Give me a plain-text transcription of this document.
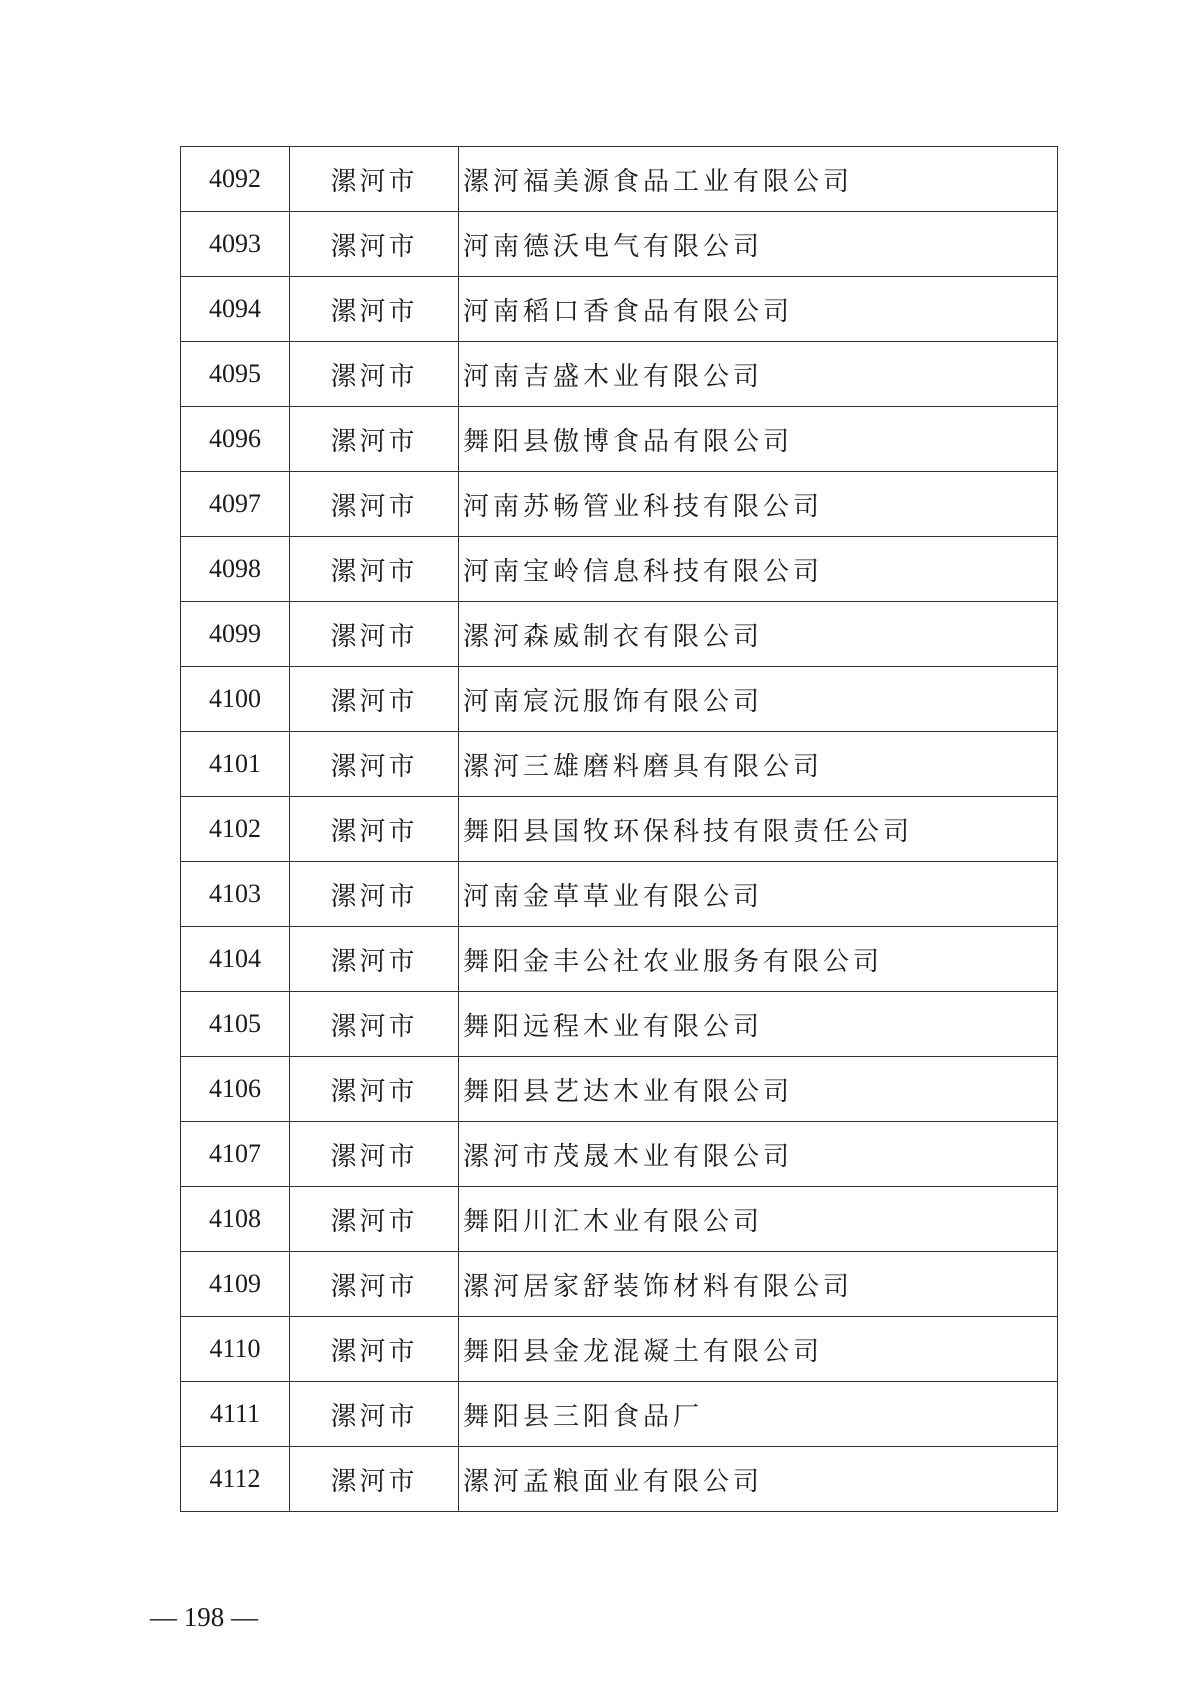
4092	漯河市	漯河福美源食品工业有限公司
4093	漯河市	河南德沃电气有限公司
4094	漯河市	河南稻口香食品有限公司
4095	漯河市	河南吉盛木业有限公司
4096	漯河市	舞阳县傲博食品有限公司
4097	漯河市	河南苏畅管业科技有限公司
4098	漯河市	河南宝岭信息科技有限公司
4099	漯河市	漯河森威制衣有限公司
4100	漯河市	河南宸沅服饰有限公司
4101	漯河市	漯河三雄磨料磨具有限公司
4102	漯河市	舞阳县国牧环保科技有限责任公司
4103	漯河市	河南金草草业有限公司
4104	漯河市	舞阳金丰公社农业服务有限公司
4105	漯河市	舞阳远程木业有限公司
4106	漯河市	舞阳县艺达木业有限公司
4107	漯河市	漯河市茂晟木业有限公司
4108	漯河市	舞阳川汇木业有限公司
4109	漯河市	漯河居家舒装饰材料有限公司
4110	漯河市	舞阳县金龙混凝土有限公司
4111	漯河市	舞阳县三阳食品厂
4112	漯河市	漯河孟粮面业有限公司
— 198 —
